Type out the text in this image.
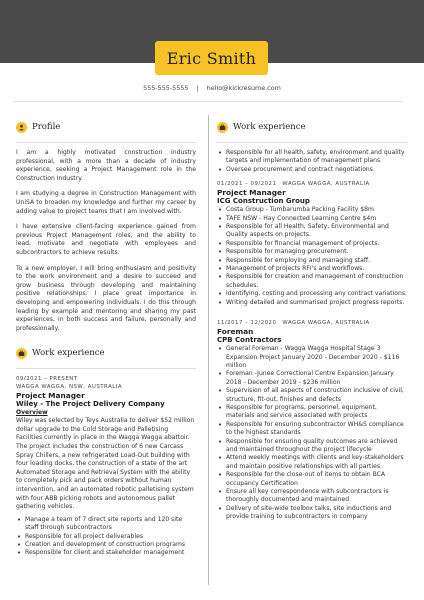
Eric Smith
555-555-5555 | hello@kickresume.com
Profile

I am a highly motivated construction industry professional, with a more than a decade of industry experience, seeking a Project Management role in the Construction Industry.

I am studying a degree in Construction Management with UniSA to broaden my knowledge and further my career by adding value to project teams that I am involved with.

I have extensive client-facing experience gained from previous Project Management roles, and the ability to lead, motivate and negotiate with employees and subcontractors to achieve results.

To a new employer, I will bring enthusiasm and positivity to the work environment and a desire to succeed and grow business through developing and maintaining positive relationships. I place great importance in developing and empowering individuals. I do this through leading by example and mentoring and sharing my past experiences, in both success and failure, personally and professionally.

Work experience
09/2021 – PRESENT
WAGGA WAGGA, NSW, AUSTRALIA
Project Manager
Wiley - The Project Delivery Company
Overview

Wiley was selected by Teys Australia to deliver $52 million dollar upgrade to the Cold Storage and Palletising Facilities currently in place in the Wagga Wagga abattoir. The project includes the construction of 6 new Carcass Spray Chillers, a new refrigerated Load-Out building with four loading docks, the construction of a state of the art Automated Storage and Retrieval System with the ability to completely pick and pack orders without human intervention, and an automated robotic palletising system with four ABB picking robots and autonomous pallet gathering vehicles.

• Manage a team of 7 direct site reports and 120 site staff through subcontractors
• Responsible for all project deliverables
• Creation and development of construction programs
• Responsible for client and stakeholder management
Work experience
• Responsible for all health, safety, environment and quality targets and implementation of management plans
• Oversee procurement and contract negotiations
01/2021 – 09/2021 WAGGA WAGGA, AUSTRALIA
Project Manager
ICG Construction Group
• Costa Group - Tumbarumba Packing Facility $8m
• TAFE NSW - Hay Connected Learning Centre $4m
• Responsible for all Health, Safety, Environmental and Quality aspects on projects.
• Responsible for financial management of projects.
• Responsible for managing procurement.
• Responsible for employing and managing staff.
• Management of projects RFI's and workflows.
• Responsible for creation and management of construction schedules.
• Identifying, costing and processing any contract variations.
• Writing detailed and summarised project progress reports.
11/2017 – 12/2020 WAGGA WAGGA, AUSTRALIA
Foreman
CPB Contractors
• General Foreman - Wagga Wagga Hospital Stage 3 Expansion Project January 2020 - December 2020 - $116 million
• Foreman -Junee Correctional Centre Expansion January 2018 - December 2019 - $236 million
• Supervision of all aspects of construction inclusive of civil, structure, fit-out, finishes and defects
• Responsible for programs, personnel, equipment, materials and service associated with projects
• Responsible for ensuring subcontractor WH&S compliance to the highest standards
• Responsible for ensuring quality outcomes are achieved and maintained throughout the project lifecycle
• Attend weekly meetings with clients and key-stakeholders and maintain positive relationships with all parties
• Responsible for the close-out of items to obtain BCA occupancy Certification
• Ensure all key correspondence with subcontractors is thoroughly documented and maintained
• Delivery of site-wide toolbox talks, site inductions and provide training to subcontractors in company
